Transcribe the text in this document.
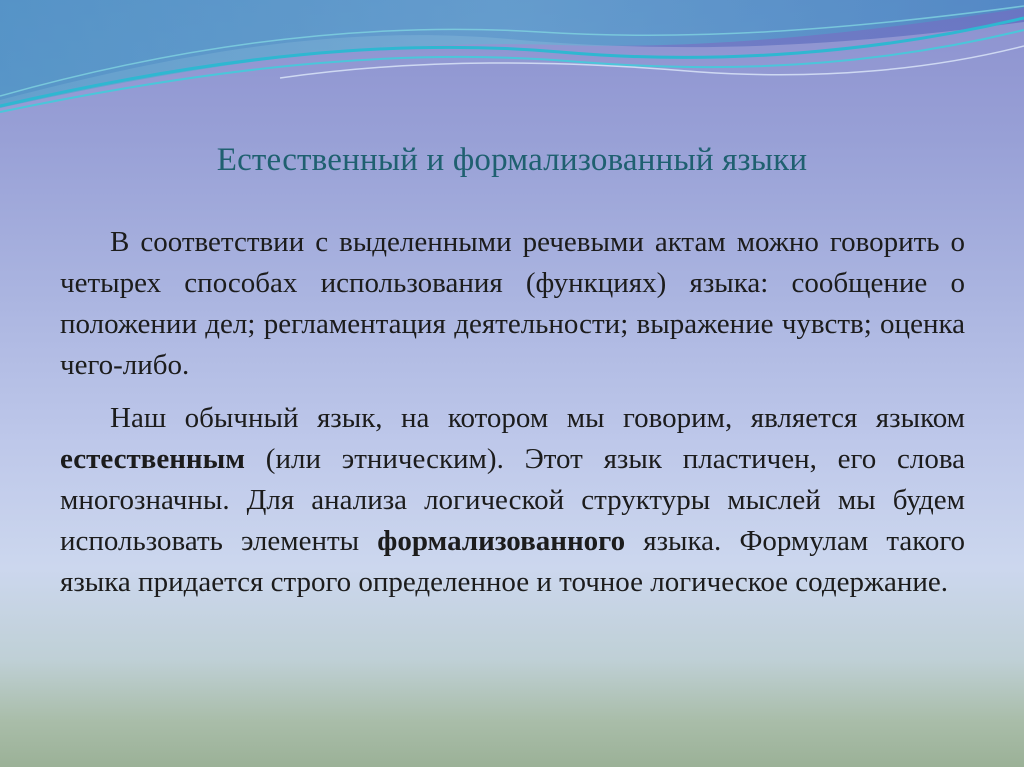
Естественный и формализованный языки

В соответствии с выделенными речевыми актам можно говорить о четырех способах использования (функциях) языка: сообщение о положении дел; регламентация деятельности; выражение чувств; оценка чего-либо.

Наш обычный язык, на котором мы говорим, является языком естественным (или этническим). Этот язык пластичен, его слова многозначны. Для анализа логической структуры мыслей мы будем использовать элементы формализованного языка. Формулам такого языка придается строго определенное и точное логическое содержание.
